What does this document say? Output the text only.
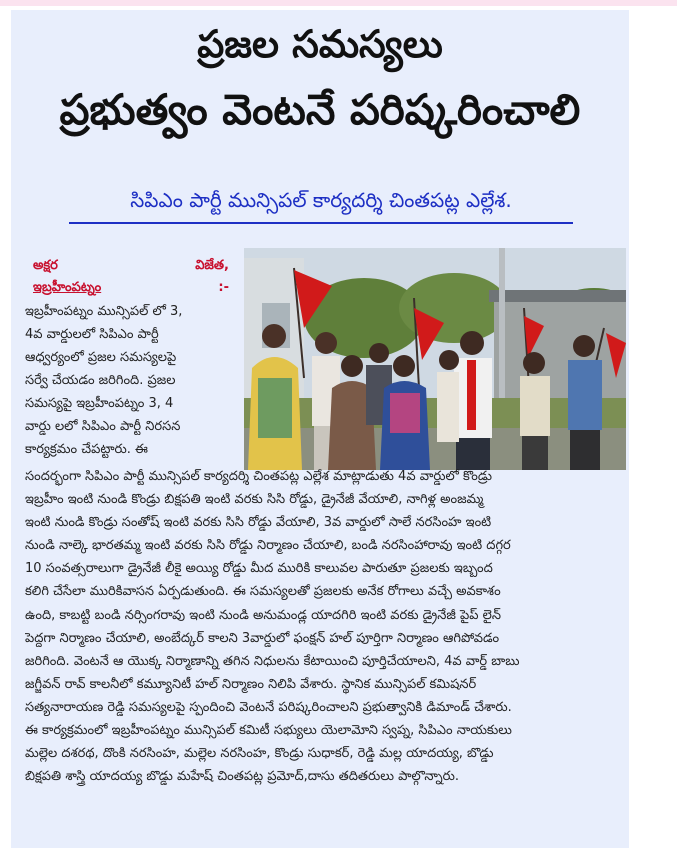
ప్రజల సమస్యలు
ప్రభుత్వం వెంటనే పరిష్కరించాలి
సిపిఎం పార్టీ మున్సిపల్ కార్యదర్శి చింతపట్ల ఎల్లేశ.
అక్షర	విజేత,
ఇబ్రహీంపట్నం	:-
ఇబ్రహీంపట్నం మున్సిపల్ లో 3,
4వ వార్డులలో సిపిఎం పార్టీ
ఆధ్వర్యంలో ప్రజల సమస్యలపై
సర్వే చేయడం జరిగింది. ప్రజల
సమస్యపై ఇబ్రహీంపట్నం 3, 4
వార్డు లలో సిపిఎం పార్టీ నిరసన
కార్యక్రమం చేపట్టారు. ఈ
సందర్భంగా సిపిఎం పార్టీ మున్సిపల్ కార్యదర్శి చింతపట్ల ఎల్లేశ మాట్లాడుతు 4వ వార్డులో కొండ్రు
ఇబ్రహీం ఇంటి నుండి కొండ్రు బిక్షపతి ఇంటి వరకు సిసి రోడ్డు, డ్రైనేజీ వేయాలి, నాగిళ్ల అంజమ్మ
ఇంటి నుండి కొండ్రు సంతోష్ ఇంటి వరకు సిసి రోడ్డు వేయాలి, 3వ వార్డులో సాలే నరసింహ ఇంటి
నుండి నాల్కె భారతమ్మ ఇంటి వరకు సిసి రోడ్డు నిర్మాణం చేయాలి, బండి నరసింహారావు ఇంటి దగ్గర
10 సంవత్సరాలుగా డ్రైనేజీ లీకై అయ్యి రోడ్డు మీద మురికి కాలువల పారుతూ ప్రజలకు ఇబ్బంద
కలిగి చేసేలా మురికివాసన ఏర్పడుతుంది. ఈ సమస్యలతో ప్రజలకు అనేక రోగాలు వచ్చే అవకాశం
ఉంది, కాబట్టి బండి నర్సింగరావు ఇంటి నుండి అనుమండ్ల యాదగిరి ఇంటి వరకు డ్రైనేజీ పైప్ లైన్
పెద్దగా నిర్మాణం చేయాలి, అంబేద్కర్ కాలని 3వార్డులో ఫంక్షన్ హల్ పూర్తిగా నిర్మాణం ఆగిపోవడం
జరిగింది. వెంటనే ఆ యొక్క నిర్మాణాన్ని తగిన నిధులను కేటాయించి పూర్తిచేయాలని, 4వ వార్డ్ బాబు
జగ్జీవన్ రావ్ కాలనీలో కమ్యూనిటీ హల్ నిర్మాణం నిలిపి వేశారు. స్థానిక మున్సిపల్ కమిషనర్
సత్యనారాయణ రెడ్డి సమస్యలపై స్పందించి వెంటనే పరిష్కరించాలని ప్రభుత్వానికి డిమాండ్ చేశారు.
ఈ కార్యక్రమంలో ఇబ్రహీంపట్నం మున్సిపల్ కమిటీ సభ్యులు యెలామోని స్వప్న, సిపిఎం నాయకులు
మల్లెల దశరథ, దొంకి నరసింహ, మల్లెల నరసింహ, కొండ్రు సుధాకర్, రెడ్డి మల్ల యాదయ్య, బొడ్డు
బిక్షపతి శాస్త్రి యాదయ్య బొడ్డు మహేష్ చింతపట్ల ప్రమోద్,దాసు తదితరులు పాల్గొన్నారు.
